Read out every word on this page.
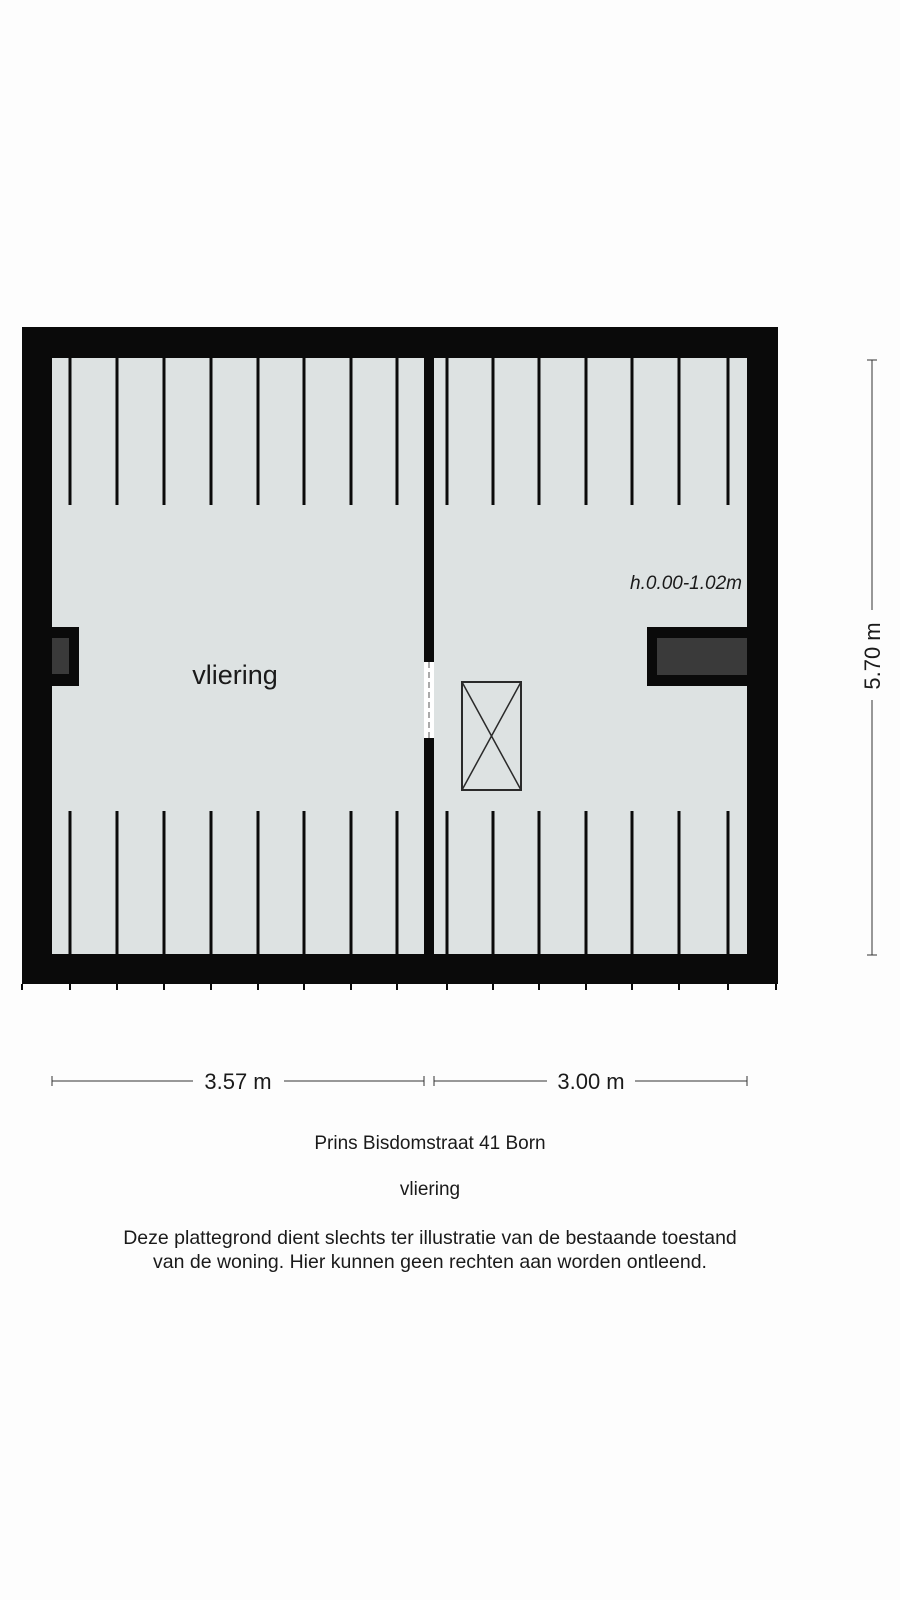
vliering
h.0.00-1.02m
3.57 m	3.00 m
5.70 m
Prins Bisdomstraat 41 Born
vliering
Deze plattegrond dient slechts ter illustratie van de bestaande toestand
van de woning. Hier kunnen geen rechten aan worden ontleend.
